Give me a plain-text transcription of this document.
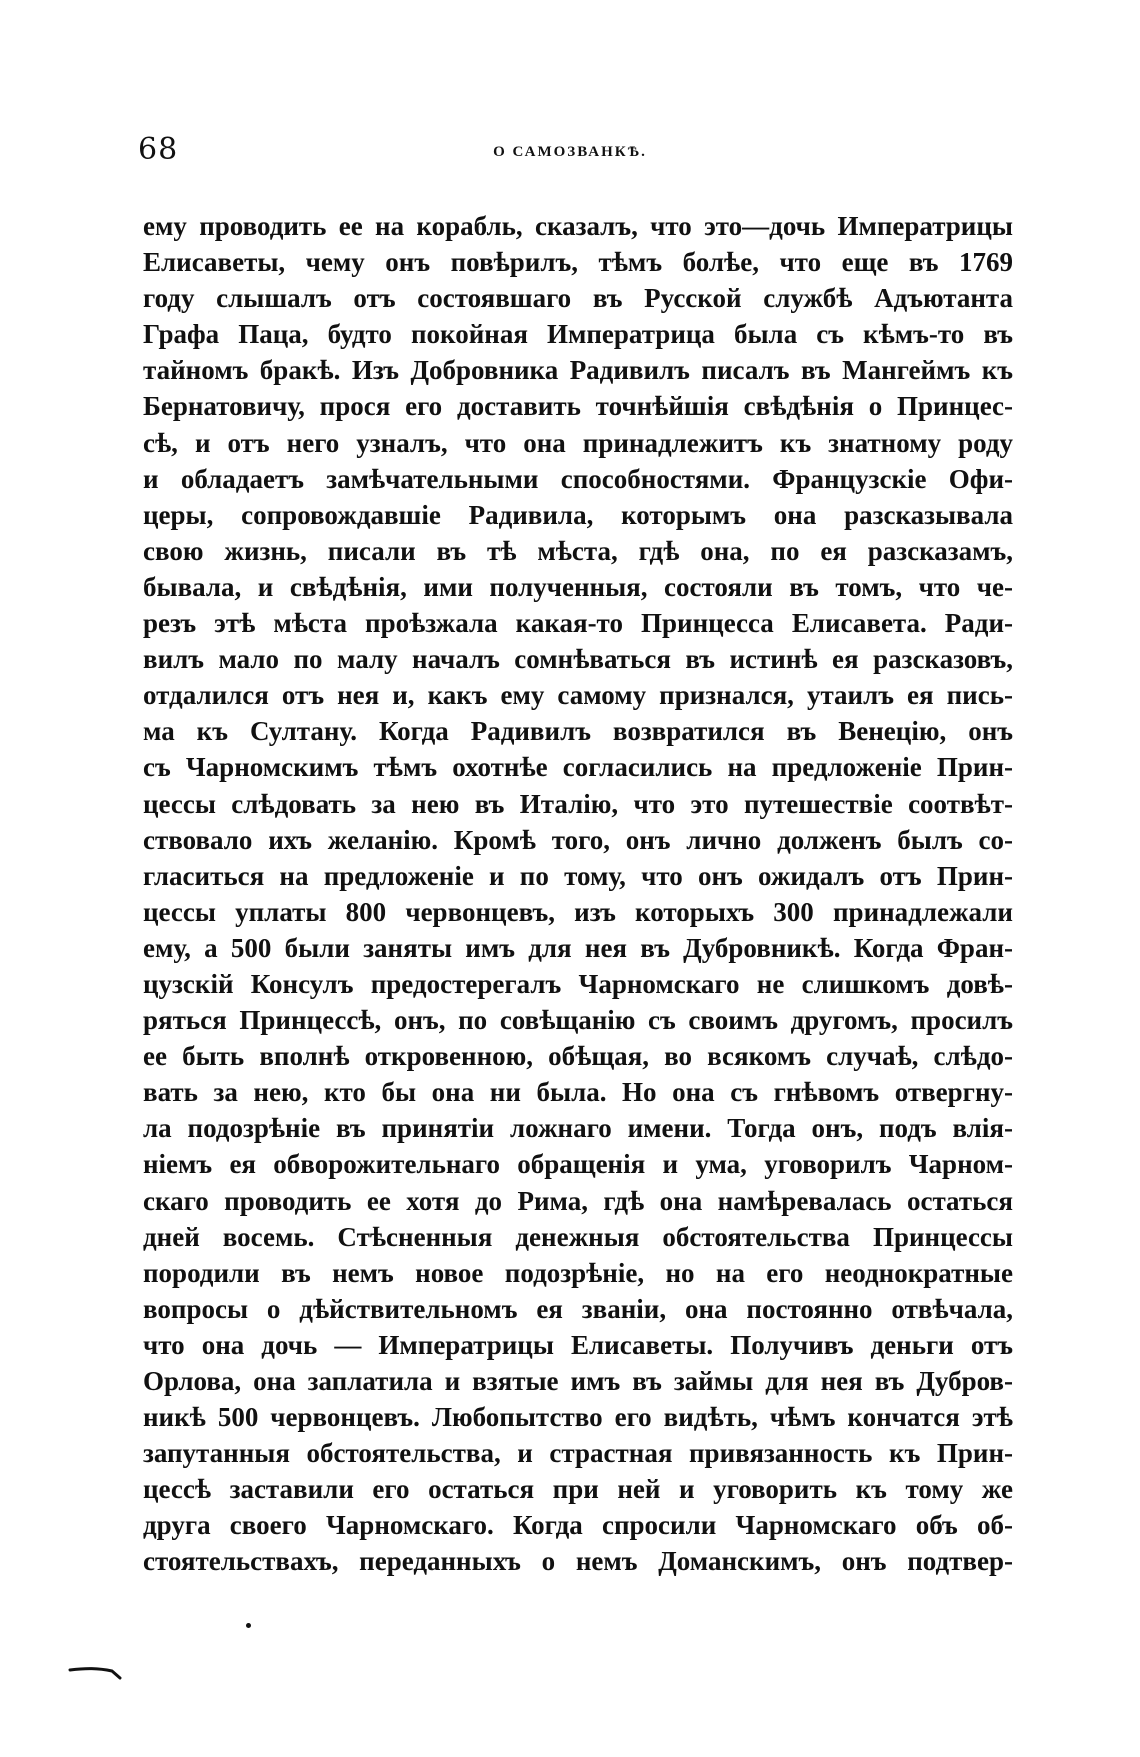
68	О САМОЗВАНКѢ.
ему проводить ее на корабль, сказалъ, что это—дочь Императрицы
Елисаветы, чему онъ повѣрилъ, тѣмъ болѣе, что еще въ 1769
году слышалъ отъ состоявшаго въ Русской службѣ Адъютанта
Графа Паца, будто покойная Императрица была съ кѣмъ-то въ
тайномъ бракѣ. Изъ Добровника Радивилъ писалъ въ Мангеймъ къ
Бернатовичу, прося его доставить точнѣйшія свѣдѣнія о Принцес-
сѣ, и отъ него узналъ, что она принадлежитъ къ знатному роду
и обладаетъ замѣчательными способностями. Французскіе Офи-
церы, сопровождавшіе Радивила, которымъ она разсказывала
свою жизнь, писали въ тѣ мѣста, гдѣ она, по ея разсказамъ,
бывала, и свѣдѣнія, ими полученныя, состояли въ томъ, что че-
резъ этѣ мѣста проѣзжала какая-то Принцесса Елисавета. Ради-
вилъ мало по малу началъ сомнѣваться въ истинѣ ея разсказовъ,
отдалился отъ нея и, какъ ему самому признался, утаилъ ея пись-
ма къ Султану. Когда Радивилъ возвратился въ Венецію, онъ
съ Чарномскимъ тѣмъ охотнѣе согласились на предложеніе Прин-
цессы слѣдовать за нею въ Италію, что это путешествіе соотвѣт-
ствовало ихъ желанію. Кромѣ того, онъ лично долженъ былъ со-
гласиться на предложеніе и по тому, что онъ ожидалъ отъ Прин-
цессы уплаты 800 червонцевъ, изъ которыхъ 300 принадлежали
ему, а 500 были заняты имъ для нея въ Дубровникѣ. Когда Фран-
цузскій Консулъ предостерегалъ Чарномскаго не слишкомъ довѣ-
ряться Принцессѣ, онъ, по совѣщанію съ своимъ другомъ, просилъ
ее быть вполнѣ откровенною, обѣщая, во всякомъ случаѣ, слѣдо-
вать за нею, кто бы она ни была. Но она съ гнѣвомъ отвергну-
ла подозрѣніе въ принятіи ложнаго имени. Тогда онъ, подъ влія-
ніемъ ея обворожительнаго обращенія и ума, уговорилъ Чарном-
скаго проводить ее хотя до Рима, гдѣ она намѣревалась остаться
дней восемь. Стѣсненныя денежныя обстоятельства Принцессы
породили въ немъ новое подозрѣніе, но на его неоднократные
вопросы о дѣйствительномъ ея званіи, она постоянно отвѣчала,
что она дочь — Императрицы Елисаветы. Получивъ деньги отъ
Орлова, она заплатила и взятые имъ въ займы для нея въ Дубров-
никѣ 500 червонцевъ. Любопытство его видѣть, чѣмъ кончатся этѣ
запутанныя обстоятельства, и страстная привязанность къ Прин-
цессѣ заставили его остаться при ней и уговорить къ тому же
друга своего Чарномскаго. Когда спросили Чарномскаго объ об-
стоятельствахъ, переданныхъ о немъ Доманскимъ, онъ подтвер-
